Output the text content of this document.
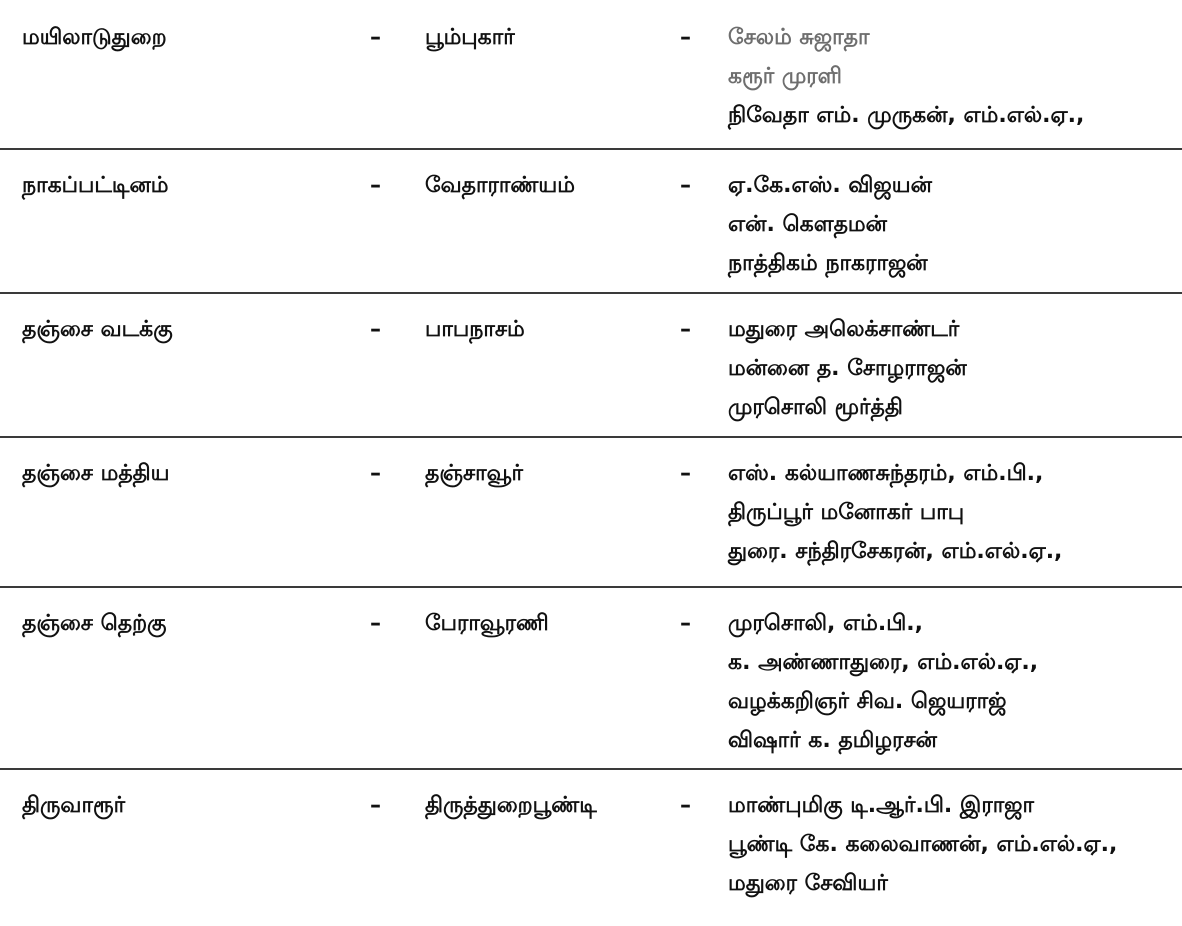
மயிலாடுதுறை	– பூம்புகார்	– சேலம் சுஜாதா
கரூர் முரளி
நிவேதா எம். முருகன், எம்.எல்.ஏ.,
நாகப்பட்டினம்	– வேதாராண்யம்	– ஏ.கே.எஸ். விஜயன்
என். கௌதமன்
நாத்திகம் நாகராஜன்
தஞ்சை வடக்கு	– பாபநாசம்	– மதுரை அலெக்சாண்டர்
மன்னை த. சோழராஜன்
முரசொலி மூர்த்தி
தஞ்சை மத்திய	– தஞ்சாவூர்	– எஸ். கல்யாணசுந்தரம், எம்.பி.,
திருப்பூர் மனோகர் பாபு
துரை. சந்திரசேகரன், எம்.எல்.ஏ.,
தஞ்சை தெற்கு	– பேராவூரணி	– முரசொலி, எம்.பி.,
க. அண்ணாதுரை, எம்.எல்.ஏ.,
வழக்கறிஞர் சிவ. ஜெயராஜ்
விஷார் க. தமிழரசன்
திருவாரூர்	– திருத்துறைபூண்டி	– மாண்புமிகு டி.ஆர்.பி. இராஜா
பூண்டி கே. கலைவாணன், எம்.எல்.ஏ.,
மதுரை சேவியர்
